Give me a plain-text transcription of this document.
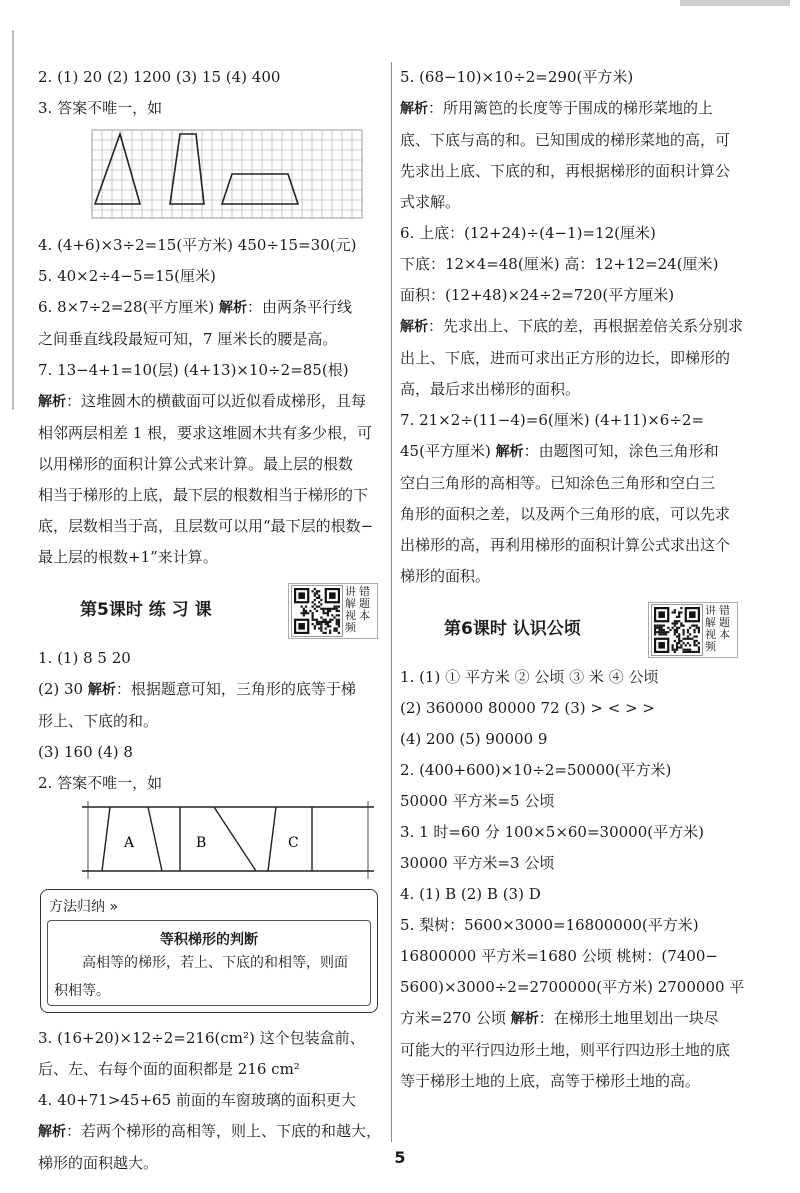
2. (1) 20 (2) 1200 (3) 15 (4) 400

3. 答案不唯一，如

4. (4+6)×3÷2=15(平方米) 450÷15=30(元)

5. 40×2÷4−5=15(厘米)

6. 8×7÷2=28(平方厘米) 解析：由两条平行线

之间垂直线段最短可知，7 厘米长的腰是高。

7. 13−4+1=10(层) (4+13)×10÷2=85(根)

解析：这堆圆木的横截面可以近似看成梯形，且每

相邻两层相差 1 根，要求这堆圆木共有多少根，可

以用梯形的面积计算公式来计算。最上层的根数

相当于梯形的上底，最下层的根数相当于梯形的下

底，层数相当于高，且层数可以用“最下层的根数−

最上层的根数+1”来计算。

第5课时 练 习 课
讲
解
视
频
错
题
本

1. (1) 8 5 20

(2) 30 解析：根据题意可知，三角形的底等于梯

形上、下底的和。

(3) 160 (4) 8

2. 答案不唯一，如

A	B	C
方法归纳 »
等积梯形的判断
高相等的梯形，若上、下底的和相等，则面
积相等。

3. (16+20)×12÷2=216(cm²) 这个包装盒前、

后、左、右每个面的面积都是 216 cm²

4. 40+71>45+65 前面的车窗玻璃的面积更大

解析：若两个梯形的高相等，则上、下底的和越大，

梯形的面积越大。

5. (68−10)×10÷2=290(平方米)

解析：所用篱笆的长度等于围成的梯形菜地的上

底、下底与高的和。已知围成的梯形菜地的高，可

先求出上底、下底的和，再根据梯形的面积计算公

式求解。

6. 上底：(12+24)÷(4−1)=12(厘米)

下底：12×4=48(厘米) 高：12+12=24(厘米)

面积：(12+48)×24÷2=720(平方厘米)

解析：先求出上、下底的差，再根据差倍关系分别求

出上、下底，进而可求出正方形的边长，即梯形的

高，最后求出梯形的面积。

7. 21×2÷(11−4)=6(厘米) (4+11)×6÷2=

45(平方厘米) 解析：由题图可知，涂色三角形和

空白三角形的高相等。已知涂色三角形和空白三

角形的面积之差，以及两个三角形的底，可以先求

出梯形的高，再利用梯形的面积计算公式求出这个

梯形的面积。

第6课时 认识公顷
讲
解
视
频
错
题
本

1. (1) ① 平方米 ② 公顷 ③ 米 ④ 公顷

(2) 360000 80000 72 (3) > < > >

(4) 200 (5) 90000 9

2. (400+600)×10÷2=50000(平方米)

50000 平方米=5 公顷

3. 1 时=60 分 100×5×60=30000(平方米)

30000 平方米=3 公顷

4. (1) B (2) B (3) D

5. 梨树：5600×3000=16800000(平方米)

16800000 平方米=1680 公顷 桃树：(7400−

5600)×3000÷2=2700000(平方米) 2700000 平

方米=270 公顷 解析：在梯形土地里划出一块尽

可能大的平行四边形土地，则平行四边形土地的底

等于梯形土地的上底，高等于梯形土地的高。

5
